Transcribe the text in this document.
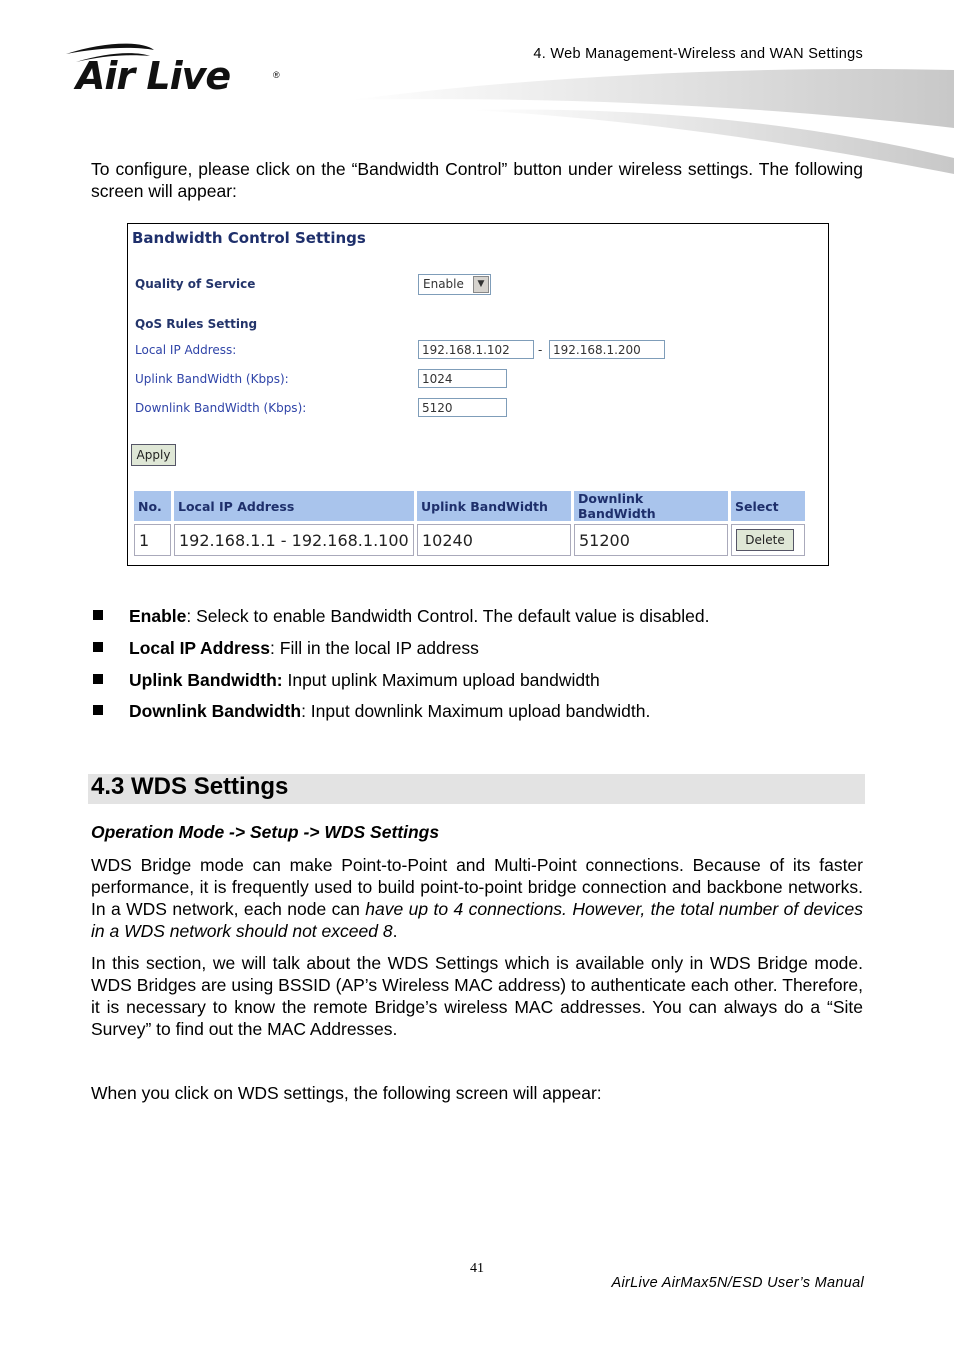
Air Live	®
4. Web Management-Wireless and WAN Settings
To configure, please click on the “Bandwidth Control” button under wireless settings. The following screen will appear:
Bandwidth Control Settings
Quality of Service	Enable	▼
QoS Rules Setting
Local IP Address:	192.168.1.102	- 192.168.1.200
Uplink BandWidth (Kbps):	1024
Downlink BandWidth (Kbps):	5120
Apply
No.	Local IP Address	Uplink BandWidth	Downlink BandWidth	Select
1	192.168.1.1 - 192.168.1.100	10240	51200	Delete
Enable: Seleck to enable Bandwidth Control. The default value is disabled.
Local IP Address: Fill in the local IP address
Uplink Bandwidth: Input uplink Maximum upload bandwidth
Downlink Bandwidth: Input downlink Maximum upload bandwidth.
4.3 WDS Settings
Operation Mode -> Setup -> WDS Settings
WDS Bridge mode can make Point-to-Point and Multi-Point connections. Because of its faster performance, it is frequently used to build point-to-point bridge connection and backbone networks. In a WDS network, each node can have up to 4 connections. However, the total number of devices in a WDS network should not exceed 8.
In this section, we will talk about the WDS Settings which is available only in WDS Bridge mode. WDS Bridges are using BSSID (AP’s Wireless MAC address) to authenticate each other. Therefore, it is necessary to know the remote Bridge’s wireless MAC addresses. You can always do a “Site Survey” to find out the MAC Addresses.
When you click on WDS settings, the following screen will appear:
41
AirLive AirMax5N/ESD User’s Manual
